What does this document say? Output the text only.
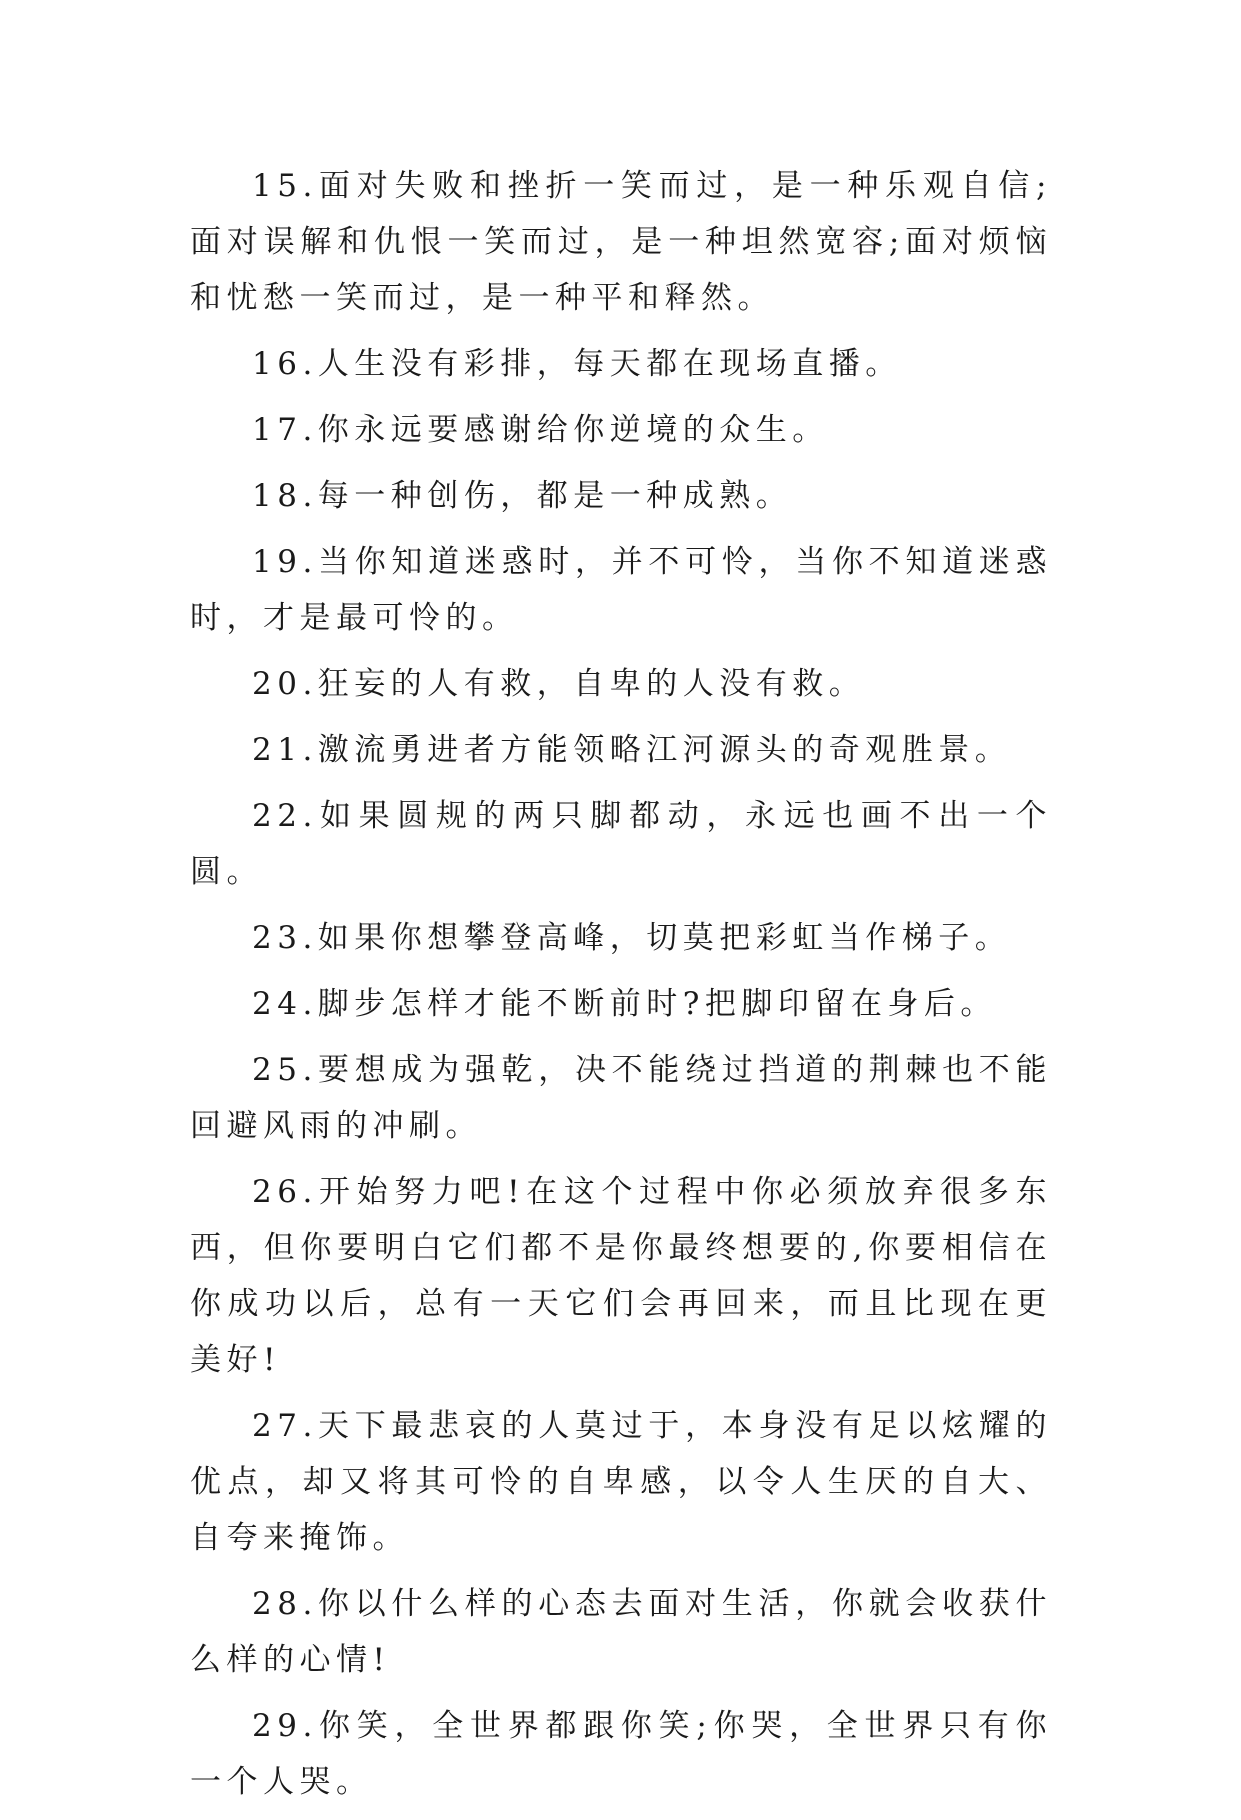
15.面对失败和挫折一笑而过，是一种乐观自信;面对误解和仇恨一笑而过，是一种坦然宽容;面对烦恼和忧愁一笑而过，是一种平和释然。

16.人生没有彩排，每天都在现场直播。

17.你永远要感谢给你逆境的众生。

18.每一种创伤，都是一种成熟。

19.当你知道迷惑时，并不可怜，当你不知道迷惑时，才是最可怜的。

20.狂妄的人有救，自卑的人没有救。

21.激流勇进者方能领略江河源头的奇观胜景。

22.如果圆规的两只脚都动，永远也画不出一个圆。

23.如果你想攀登高峰，切莫把彩虹当作梯子。

24.脚步怎样才能不断前时?把脚印留在身后。

25.要想成为强乾，决不能绕过挡道的荆棘也不能回避风雨的冲刷。

26.开始努力吧!在这个过程中你必须放弃很多东西，但你要明白它们都不是你最终想要的,你要相信在你成功以后，总有一天它们会再回来，而且比现在更美好!

27.天下最悲哀的人莫过于，本身没有足以炫耀的优点，却又将其可怜的自卑感，以令人生厌的自大、自夸来掩饰。

28.你以什么样的心态去面对生活，你就会收获什么样的心情!

29.你笑，全世界都跟你笑;你哭，全世界只有你一个人哭。
